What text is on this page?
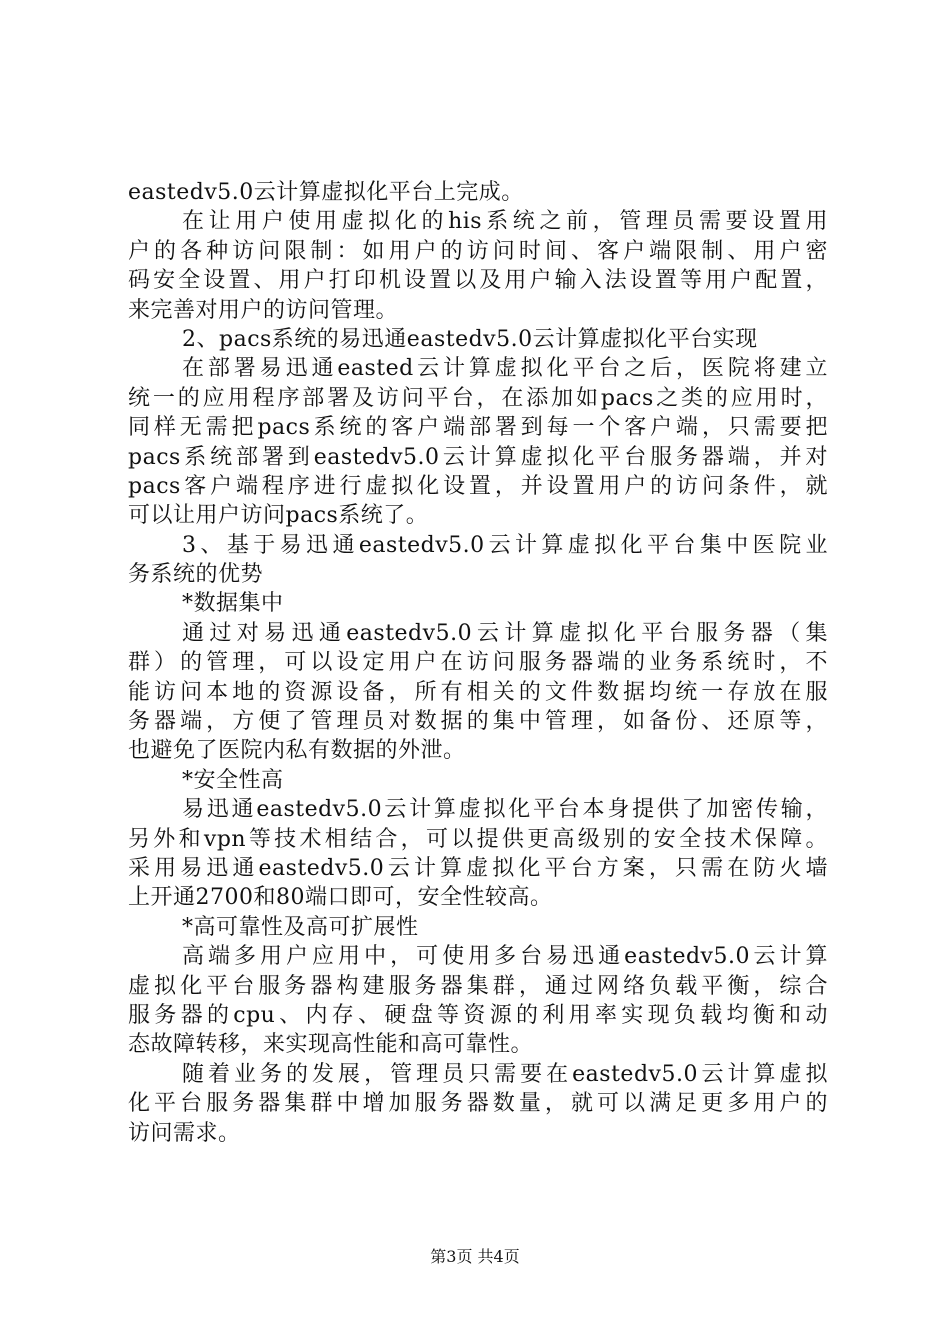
eastedv5.0云计算虚拟化平台上完成。
在让用户使用虚拟化的his系统之前，管理员需要设置用
户的各种访问限制：如用户的访问时间、客户端限制、用户密
码安全设置、用户打印机设置以及用户输入法设置等用户配置，
来完善对用户的访问管理。
2、pacs系统的易迅通eastedv5.0云计算虚拟化平台实现
在部署易迅通easted云计算虚拟化平台之后，医院将建立
统一的应用程序部署及访问平台，在添加如pacs之类的应用时，
同样无需把pacs系统的客户端部署到每一个客户端，只需要把
pacs系统部署到eastedv5.0云计算虚拟化平台服务器端，并对
pacs客户端程序进行虚拟化设置，并设置用户的访问条件，就
可以让用户访问pacs系统了。
3、基于易迅通eastedv5.0云计算虚拟化平台集中医院业
务系统的优势
*数据集中
通过对易迅通eastedv5.0云计算虚拟化平台服务器（集
群）的管理，可以设定用户在访问服务器端的业务系统时，不
能访问本地的资源设备，所有相关的文件数据均统一存放在服
务器端，方便了管理员对数据的集中管理，如备份、还原等，
也避免了医院内私有数据的外泄。
*安全性高
易迅通eastedv5.0云计算虚拟化平台本身提供了加密传输，
另外和vpn等技术相结合，可以提供更高级别的安全技术保障。
采用易迅通eastedv5.0云计算虚拟化平台方案，只需在防火墙
上开通2700和80端口即可，安全性较高。
*高可靠性及高可扩展性
高端多用户应用中，可使用多台易迅通eastedv5.0云计算
虚拟化平台服务器构建服务器集群，通过网络负载平衡，综合
服务器的cpu、内存、硬盘等资源的利用率实现负载均衡和动
态故障转移，来实现高性能和高可靠性。
随着业务的发展，管理员只需要在eastedv5.0云计算虚拟
化平台服务器集群中增加服务器数量，就可以满足更多用户的
访问需求。
第3页 共4页
